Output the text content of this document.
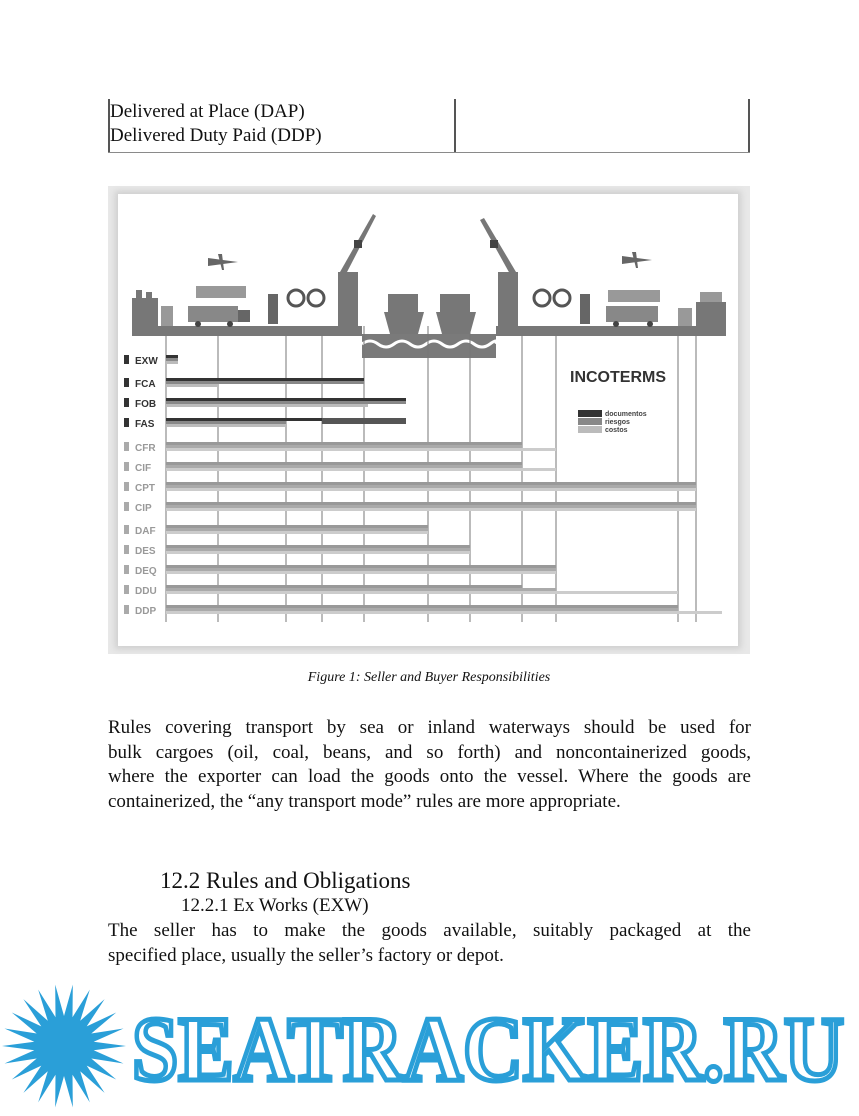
Delivered at Place (DAP)
Delivered Duty Paid (DDP)
EXW
FCA
FOB
FAS
CFR
CIF
CPT
CIP
DAF
DES
DEQ
DDU
DDP
INCOTERMS
documentos
riesgos
costos
Figure 1: Seller and Buyer Responsibilities
Rules covering transport by sea or inland waterways should be used for
bulk cargoes (oil, coal, beans, and so forth) and noncontainerized goods,
where the exporter can load the goods onto the vessel. Where the goods are
containerized, the “any transport mode” rules are more appropriate.
12.2 Rules and Obligations
12.2.1 Ex Works (EXW)
The seller has to make the goods available, suitably packaged at the
specified place, usually the seller’s factory or depot.
SEATRACKER.RU
